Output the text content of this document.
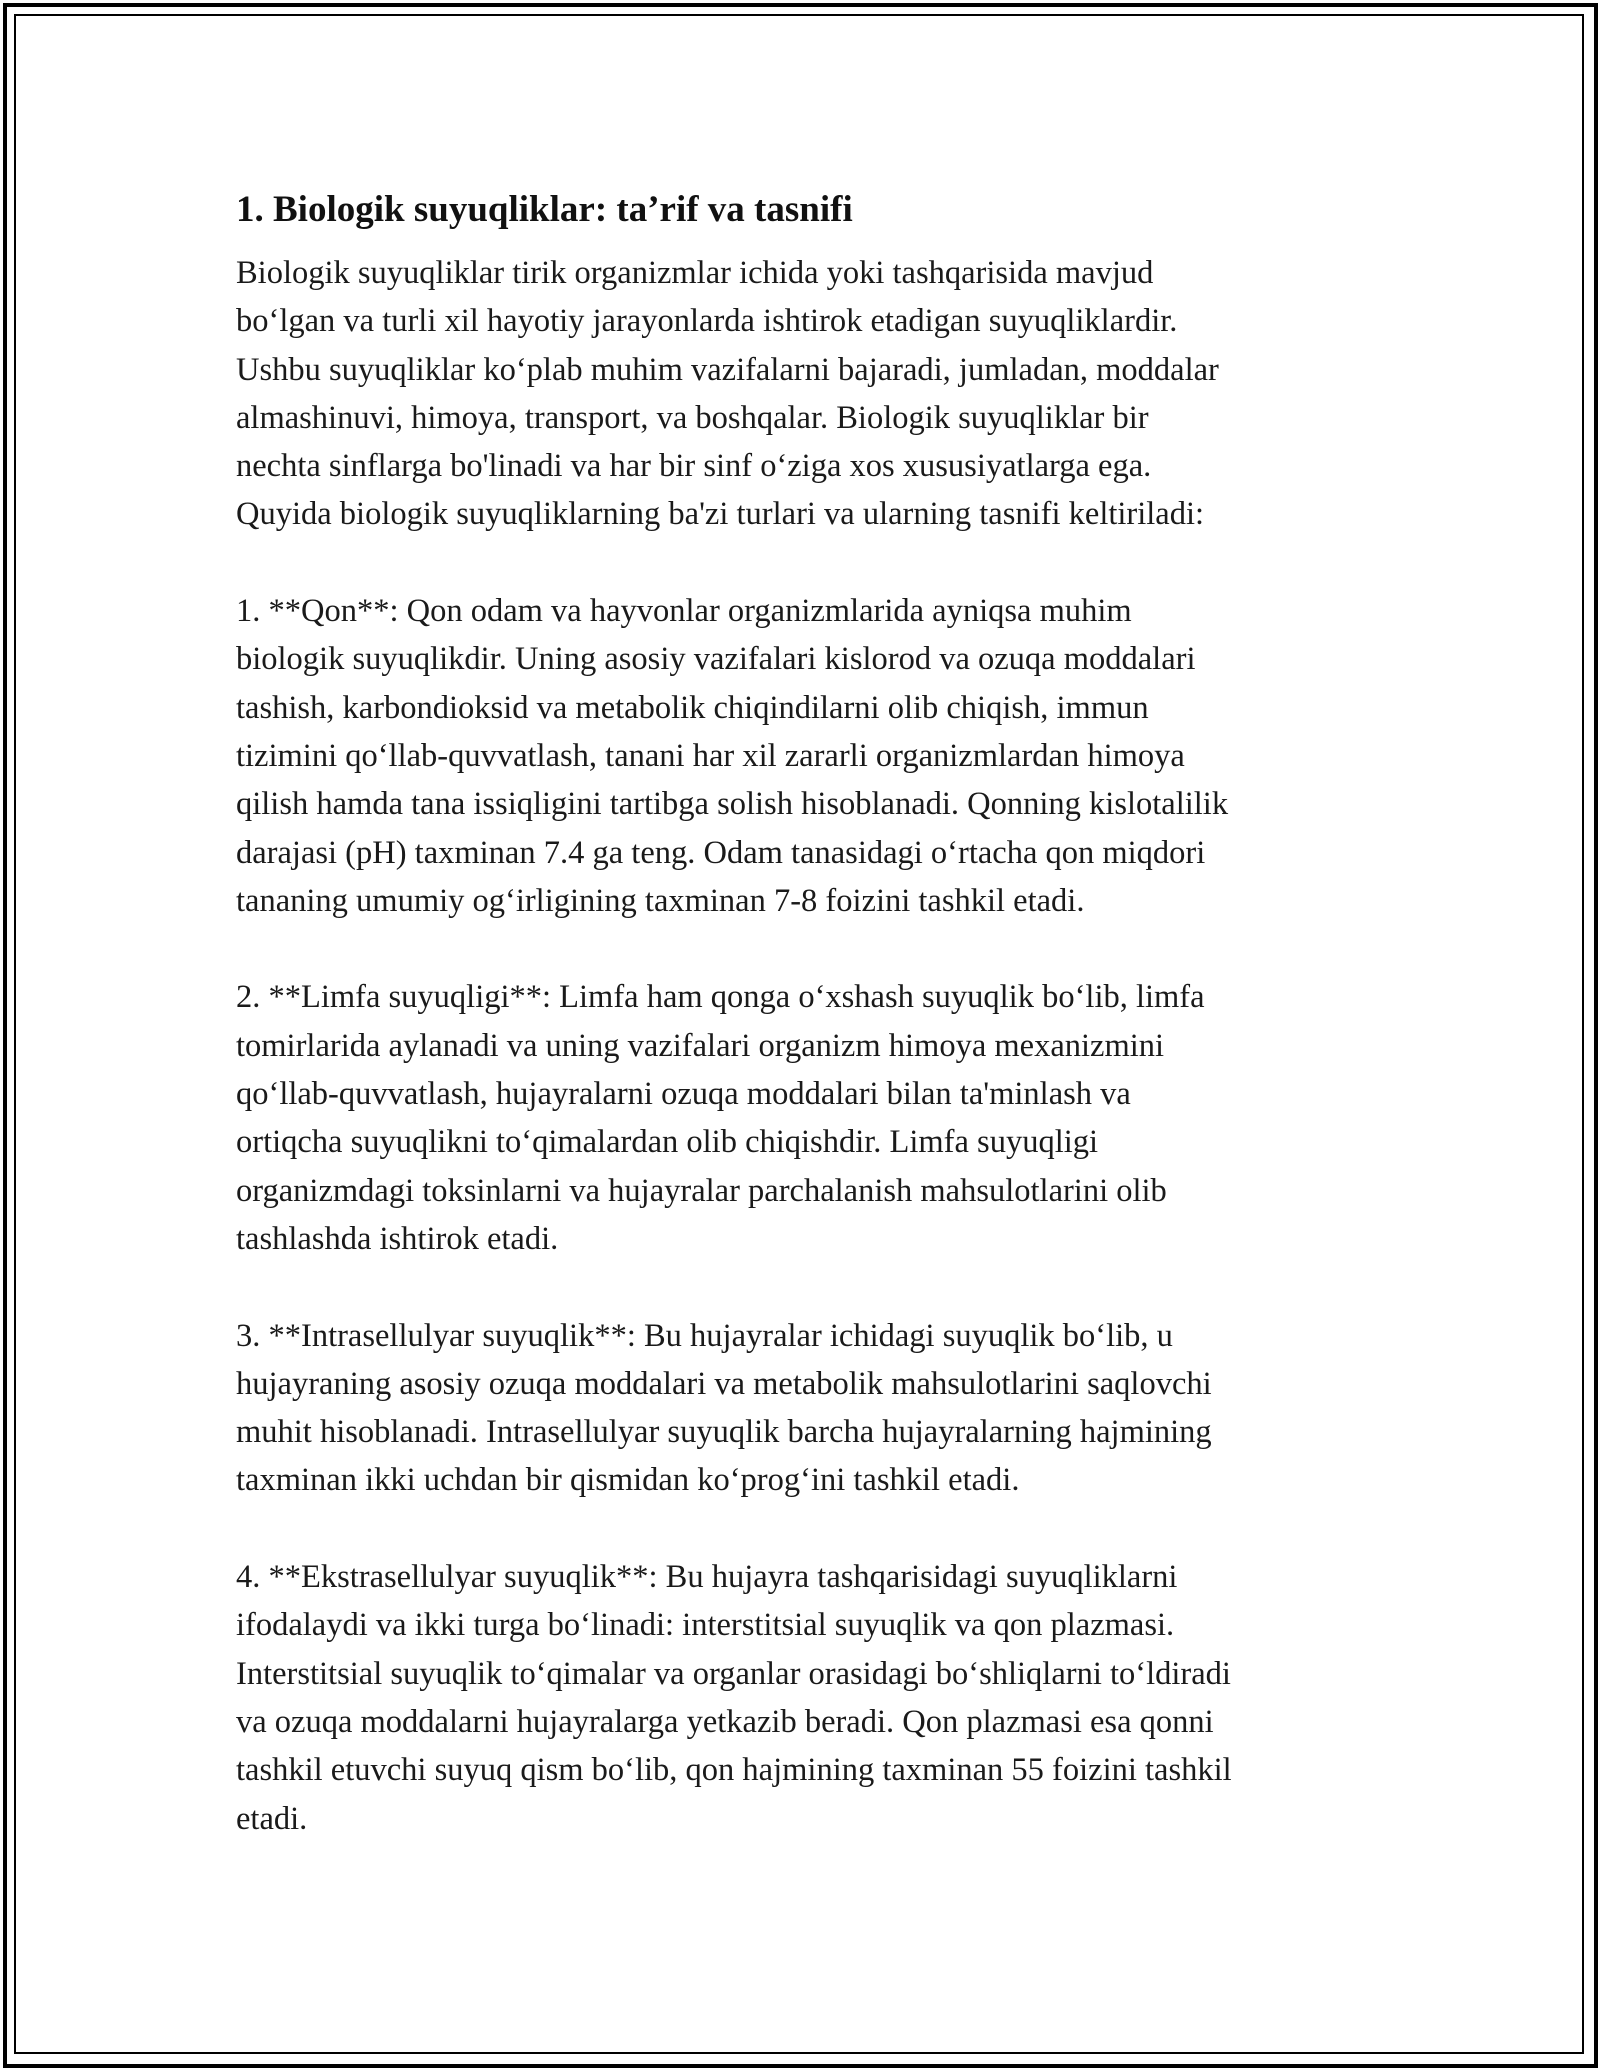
1. Biologik suyuqliklar: ta’rif va tasnifi

Biologik suyuqliklar tirik organizmlar ichida yoki tashqarisida mavjud
bo‘lgan va turli xil hayotiy jarayonlarda ishtirok etadigan suyuqliklardir.
Ushbu suyuqliklar ko‘plab muhim vazifalarni bajaradi, jumladan, moddalar
almashinuvi, himoya, transport, va boshqalar. Biologik suyuqliklar bir
nechta sinflarga bo'linadi va har bir sinf o‘ziga xos xususiyatlarga ega.
Quyida biologik suyuqliklarning ba'zi turlari va ularning tasnifi keltiriladi:

1. **Qon**: Qon odam va hayvonlar organizmlarida ayniqsa muhim
biologik suyuqlikdir. Uning asosiy vazifalari kislorod va ozuqa moddalari
tashish, karbondioksid va metabolik chiqindilarni olib chiqish, immun
tizimini qo‘llab-quvvatlash, tanani har xil zararli organizmlardan himoya
qilish hamda tana issiqligini tartibga solish hisoblanadi. Qonning kislotalilik
darajasi (pH) taxminan 7.4 ga teng. Odam tanasidagi o‘rtacha qon miqdori
tananing umumiy og‘irligining taxminan 7-8 foizini tashkil etadi.

2. **Limfa suyuqligi**: Limfa ham qonga o‘xshash suyuqlik bo‘lib, limfa
tomirlarida aylanadi va uning vazifalari organizm himoya mexanizmini
qo‘llab-quvvatlash, hujayralarni ozuqa moddalari bilan ta'minlash va
ortiqcha suyuqlikni to‘qimalardan olib chiqishdir. Limfa suyuqligi
organizmdagi toksinlarni va hujayralar parchalanish mahsulotlarini olib
tashlashda ishtirok etadi.

3. **Intrasellulyar suyuqlik**: Bu hujayralar ichidagi suyuqlik bo‘lib, u
hujayraning asosiy ozuqa moddalari va metabolik mahsulotlarini saqlovchi
muhit hisoblanadi. Intrasellulyar suyuqlik barcha hujayralarning hajmining
taxminan ikki uchdan bir qismidan ko‘prog‘ini tashkil etadi.

4. **Ekstrasellulyar suyuqlik**: Bu hujayra tashqarisidagi suyuqliklarni
ifodalaydi va ikki turga bo‘linadi: interstitsial suyuqlik va qon plazmasi.
Interstitsial suyuqlik to‘qimalar va organlar orasidagi bo‘shliqlarni to‘ldiradi
va ozuqa moddalarni hujayralarga yetkazib beradi. Qon plazmasi esa qonni
tashkil etuvchi suyuq qism bo‘lib, qon hajmining taxminan 55 foizini tashkil
etadi.
